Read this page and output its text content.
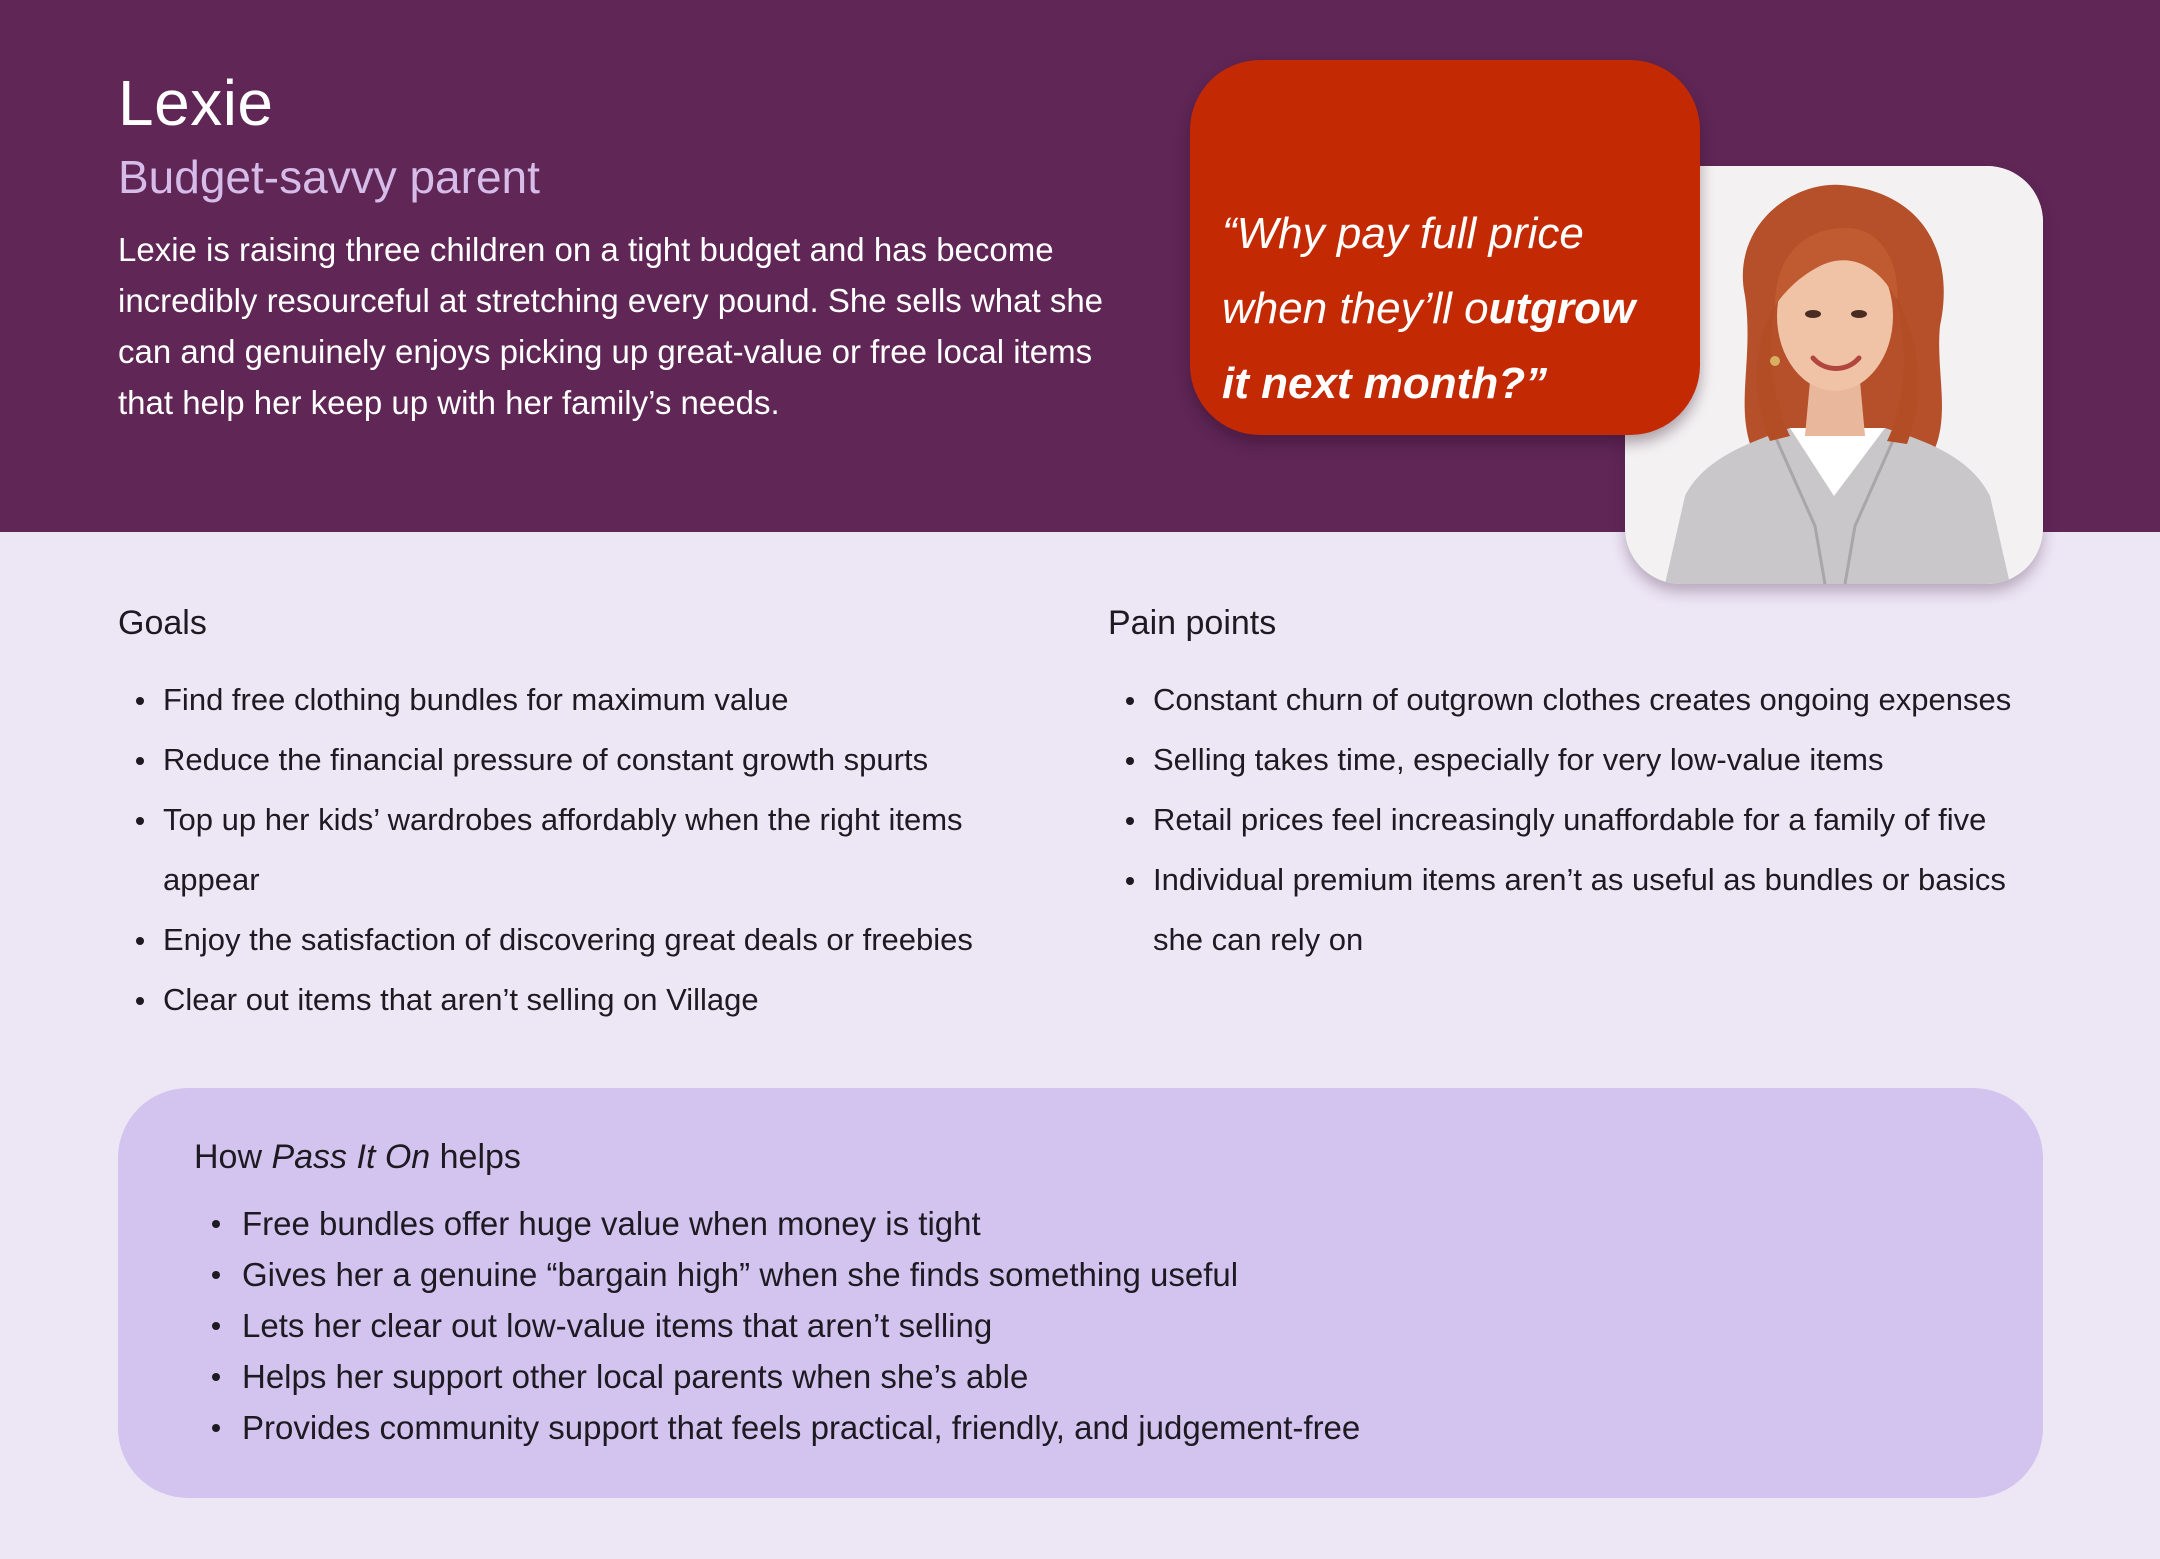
Lexie
Budget-savvy parent

Lexie is raising three children on a tight budget and has become incredibly resourceful at stretching every pound. She sells what she can and genuinely enjoys picking up great-value or free local items that help her keep up with her family’s needs.

“Why pay full price
when they’ll outgrow
it next month?”
Goals
Find free clothing bundles for maximum value
Reduce the financial pressure of constant growth spurts
Top up her kids’ wardrobes affordably when the right items appear
Enjoy the satisfaction of discovering great deals or freebies
Clear out items that aren’t selling on Village
Pain points
Constant churn of outgrown clothes creates ongoing expenses
Selling takes time, especially for very low-value items
Retail prices feel increasingly unaffordable for a family of five
Individual premium items aren’t as useful as bundles or basics she can rely on
How Pass It On helps
Free bundles offer huge value when money is tight
Gives her a genuine “bargain high” when she finds something useful
Lets her clear out low-value items that aren’t selling
Helps her support other local parents when she’s able
Provides community support that feels practical, friendly, and judgement-free
